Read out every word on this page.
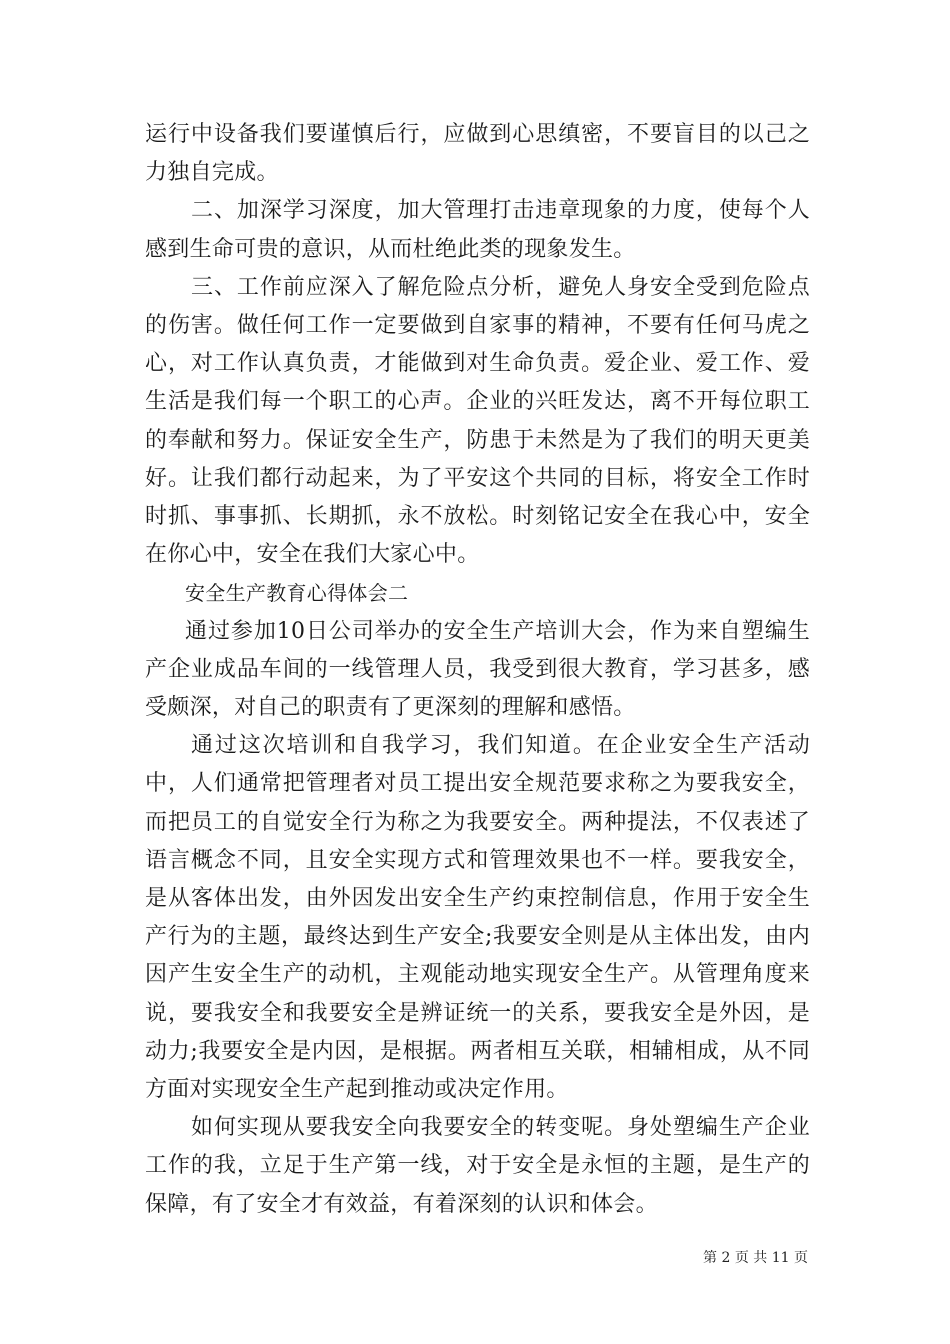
运行中设备我们要谨慎后行，应做到心思缜密，不要盲目的以己之力独自完成。

二、加深学习深度，加大管理打击违章现象的力度，使每个人感到生命可贵的意识，从而杜绝此类的现象发生。

三、工作前应深入了解危险点分析，避免人身安全受到危险点的伤害。做任何工作一定要做到自家事的精神，不要有任何马虎之心，对工作认真负责，才能做到对生命负责。爱企业、爱工作、爱生活是我们每一个职工的心声。企业的兴旺发达，离不开每位职工的奉献和努力。保证安全生产，防患于未然是为了我们的明天更美好。让我们都行动起来，为了平安这个共同的目标，将安全工作时时抓、事事抓、长期抓，永不放松。时刻铭记安全在我心中，安全在你心中，安全在我们大家心中。

安全生产教育心得体会二

通过参加10日公司举办的安全生产培训大会，作为来自塑编生产企业成品车间的一线管理人员，我受到很大教育，学习甚多，感受颇深，对自己的职责有了更深刻的理解和感悟。

通过这次培训和自我学习，我们知道。在企业安全生产活动中，人们通常把管理者对员工提出安全规范要求称之为要我安全，而把员工的自觉安全行为称之为我要安全。两种提法，不仅表述了语言概念不同，且安全实现方式和管理效果也不一样。要我安全，是从客体出发，由外因发出安全生产约束控制信息，作用于安全生产行为的主题，最终达到生产安全;我要安全则是从主体出发，由内因产生安全生产的动机，主观能动地实现安全生产。从管理角度来说，要我安全和我要安全是辨证统一的关系，要我安全是外因，是动力;我要安全是内因，是根据。两者相互关联，相辅相成，从不同方面对实现安全生产起到推动或决定作用。

如何实现从要我安全向我要安全的转变呢。身处塑编生产企业工作的我，立足于生产第一线，对于安全是永恒的主题，是生产的保障，有了安全才有效益，有着深刻的认识和体会。

第 2 页 共 11 页
